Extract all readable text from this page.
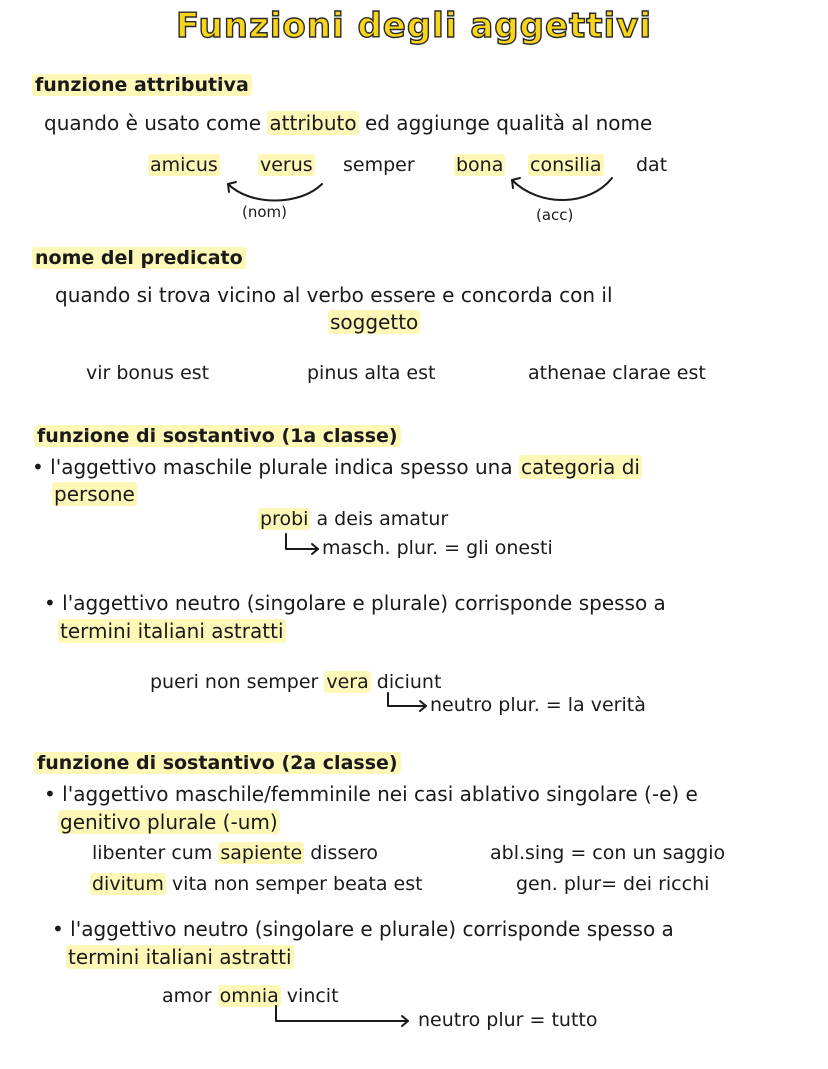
Funzioni degli aggettivi
funzione attributiva
quando è usato come attributo ed aggiunge qualità al nome
amicus verus semper bona consilia dat
(nom)	(acc)
nome del predicato
quando si trova vicino al verbo essere e concorda con il
soggetto
vir bonus est	pinus alta est	athenae clarae est
funzione di sostantivo (1a classe)
• l'aggettivo maschile plurale indica spesso una categoria di
persone
probi a deis amatur
masch. plur. = gli onesti
• l'aggettivo neutro (singolare e plurale) corrisponde spesso a
termini italiani astratti
pueri non semper vera diciunt
neutro plur. = la verità
funzione di sostantivo (2a classe)
• l'aggettivo maschile/femminile nei casi ablativo singolare (-e) e
genitivo plurale (-um)
libenter cum sapiente dissero	abl.sing = con un saggio
divitum vita non semper beata est	gen. plur= dei ricchi
• l'aggettivo neutro (singolare e plurale) corrisponde spesso a
termini italiani astratti
amor omnia vincit
neutro plur = tutto
